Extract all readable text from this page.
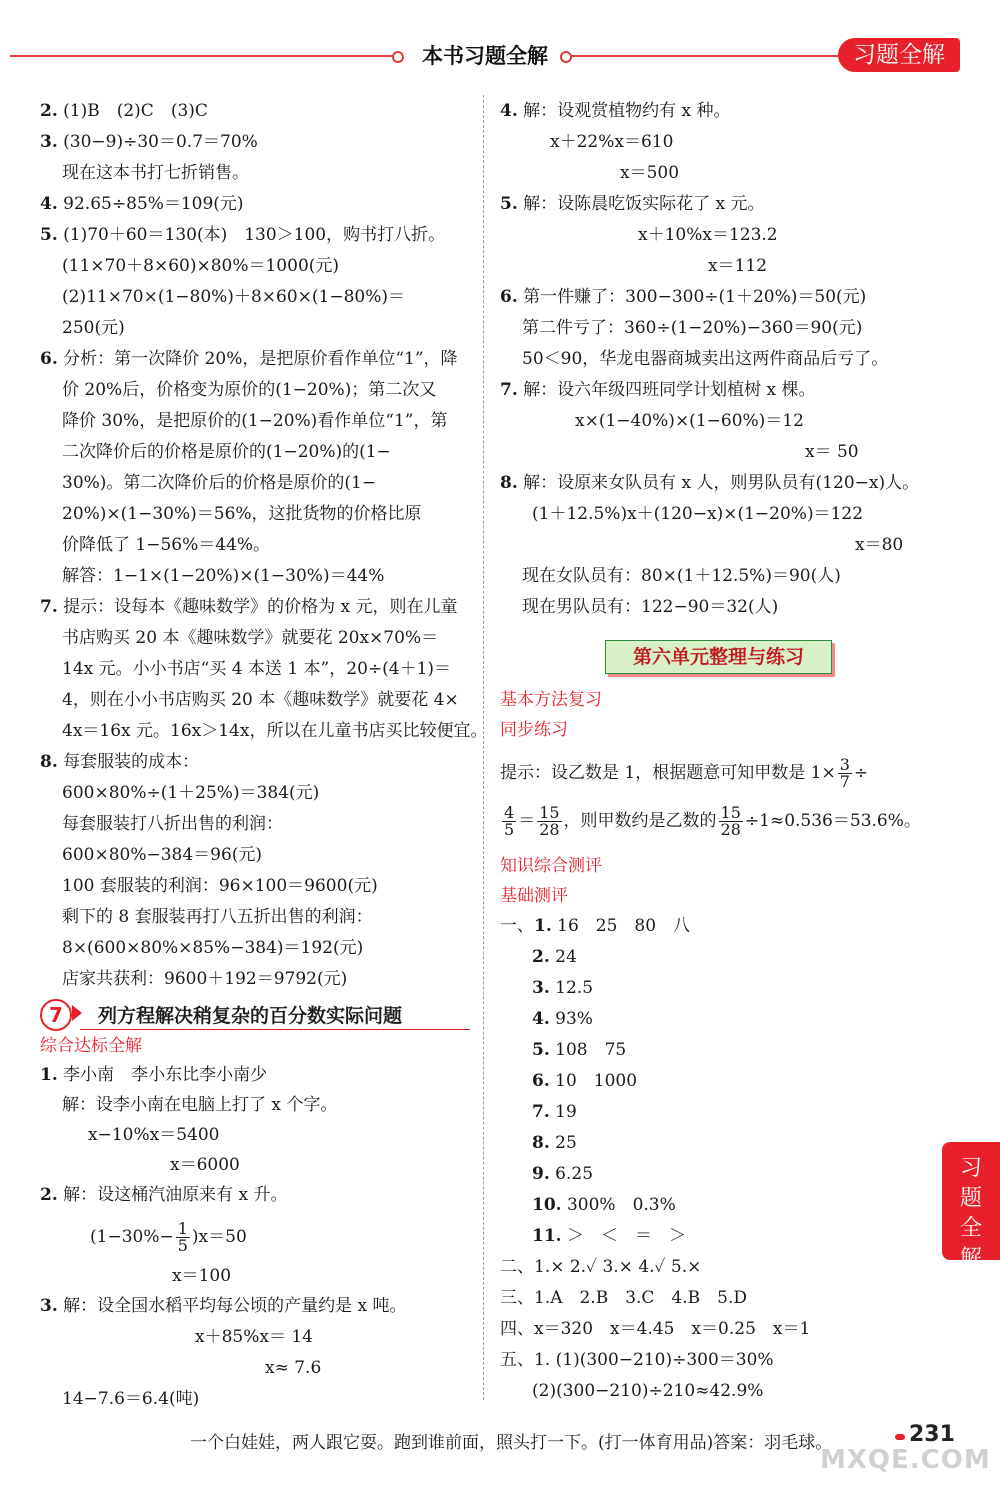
本书习题全解	习题全解
2. (1)B　(2)C　(3)C
3. (30−9)÷30＝0.7＝70%
现在这本书打七折销售。
4. 92.65÷85%＝109(元)
5. (1)70＋60＝130(本)　130＞100，购书打八折。
(11×70＋8×60)×80%＝1000(元)
(2)11×70×(1−80%)＋8×60×(1−80%)＝
250(元)
6. 分析：第一次降价 20%，是把原价看作单位“1”，降
价 20%后，价格变为原价的(1−20%)；第二次又
降价 30%，是把原价的(1−20%)看作单位“1”，第
二次降价后的价格是原价的(1−20%)的(1−
30%)。第二次降价后的价格是原价的(1−
20%)×(1−30%)＝56%，这批货物的价格比原
价降低了 1−56%＝44%。
解答：1−1×(1−20%)×(1−30%)＝44%
7. 提示：设每本《趣味数学》的价格为 x 元，则在儿童
书店购买 20 本《趣味数学》就要花 20x×70%＝
14x 元。小小书店“买 4 本送 1 本”，20÷(4＋1)＝
4，则在小小书店购买 20 本《趣味数学》就要花 4×
4x＝16x 元。16x＞14x，所以在儿童书店买比较便宜。
8. 每套服装的成本：
600×80%÷(1＋25%)＝384(元)
每套服装打八折出售的利润：
600×80%−384＝96(元)
100 套服装的利润：96×100＝9600(元)
剩下的 8 套服装再打八五折出售的利润：
8×(600×80%×85%−384)＝192(元)
店家共获利：9600＋192＝9792(元)
7	列方程解决稍复杂的百分数实际问题
综合达标全解
1. 李小南　李小东比李小南少
解：设李小南在电脑上打了 x 个字。
x−10%x＝5400
x＝6000
2. 解：设这桶汽油原来有 x 升。
$(1-30\%- \frac{1}{5} )x=50$
x＝100
3. 解：设全国水稻平均每公顷的产量约是 x 吨。
x＋85%x＝ 14
x≈ 7.6
14−7.6＝6.4(吨)
4. 解：设观赏植物约有 x 种。
x＋22%x＝610
x＝500
5. 解：设陈晨吃饭实际花了 x 元。
x＋10%x＝123.2
x＝112
6. 第一件赚了：300−300÷(1＋20%)＝50(元)
第二件亏了：360÷(1−20%)−360＝90(元)
50＜90，华龙电器商城卖出这两件商品后亏了。
7. 解：设六年级四班同学计划植树 x 棵。
x×(1−40%)×(1−60%)＝12
x＝ 50
8. 解：设原来女队员有 x 人，则男队员有(120−x)人。
(1＋12.5%)x＋(120−x)×(1−20%)＝122
x＝80
现在女队员有：80×(1＋12.5%)＝90(人)
现在男队员有：122−90＝32(人)
第六单元整理与练习
基本方法复习
同步练习
提示：设乙数是 1，根据题意可知甲数是 $1\times \frac{3}{7}$ ÷
$\frac{4}{5} = \frac{15}{28}$ ，则甲数约是乙数的 $\frac{15}{28} \div 1\approx 0.536=53.6\%$。
知识综合测评
基础测评
一、1. 16　25　80　八
2. 24
3. 12.5
4. 93%
5. 108　75
6. 10　1000
7. 19
8. 25
9. 6.25
10. 300%　0.3%
11. ＞　＜　＝　＞
二、1.× 2.✓ 3.× 4.✓ 5.×
三、1.A　2.B　3.C　4.B　5.D
四、x＝320　x＝4.45　x＝0.25　x＝1
五、1. (1)(300−210)÷300＝30%
(2)(300−210)÷210≈42.9%
习题全解
一个白娃娃，两人跟它耍。跑到谁前面，照头打一下。(打一体育用品)答案：羽毛球。	231
MXQE.COM
